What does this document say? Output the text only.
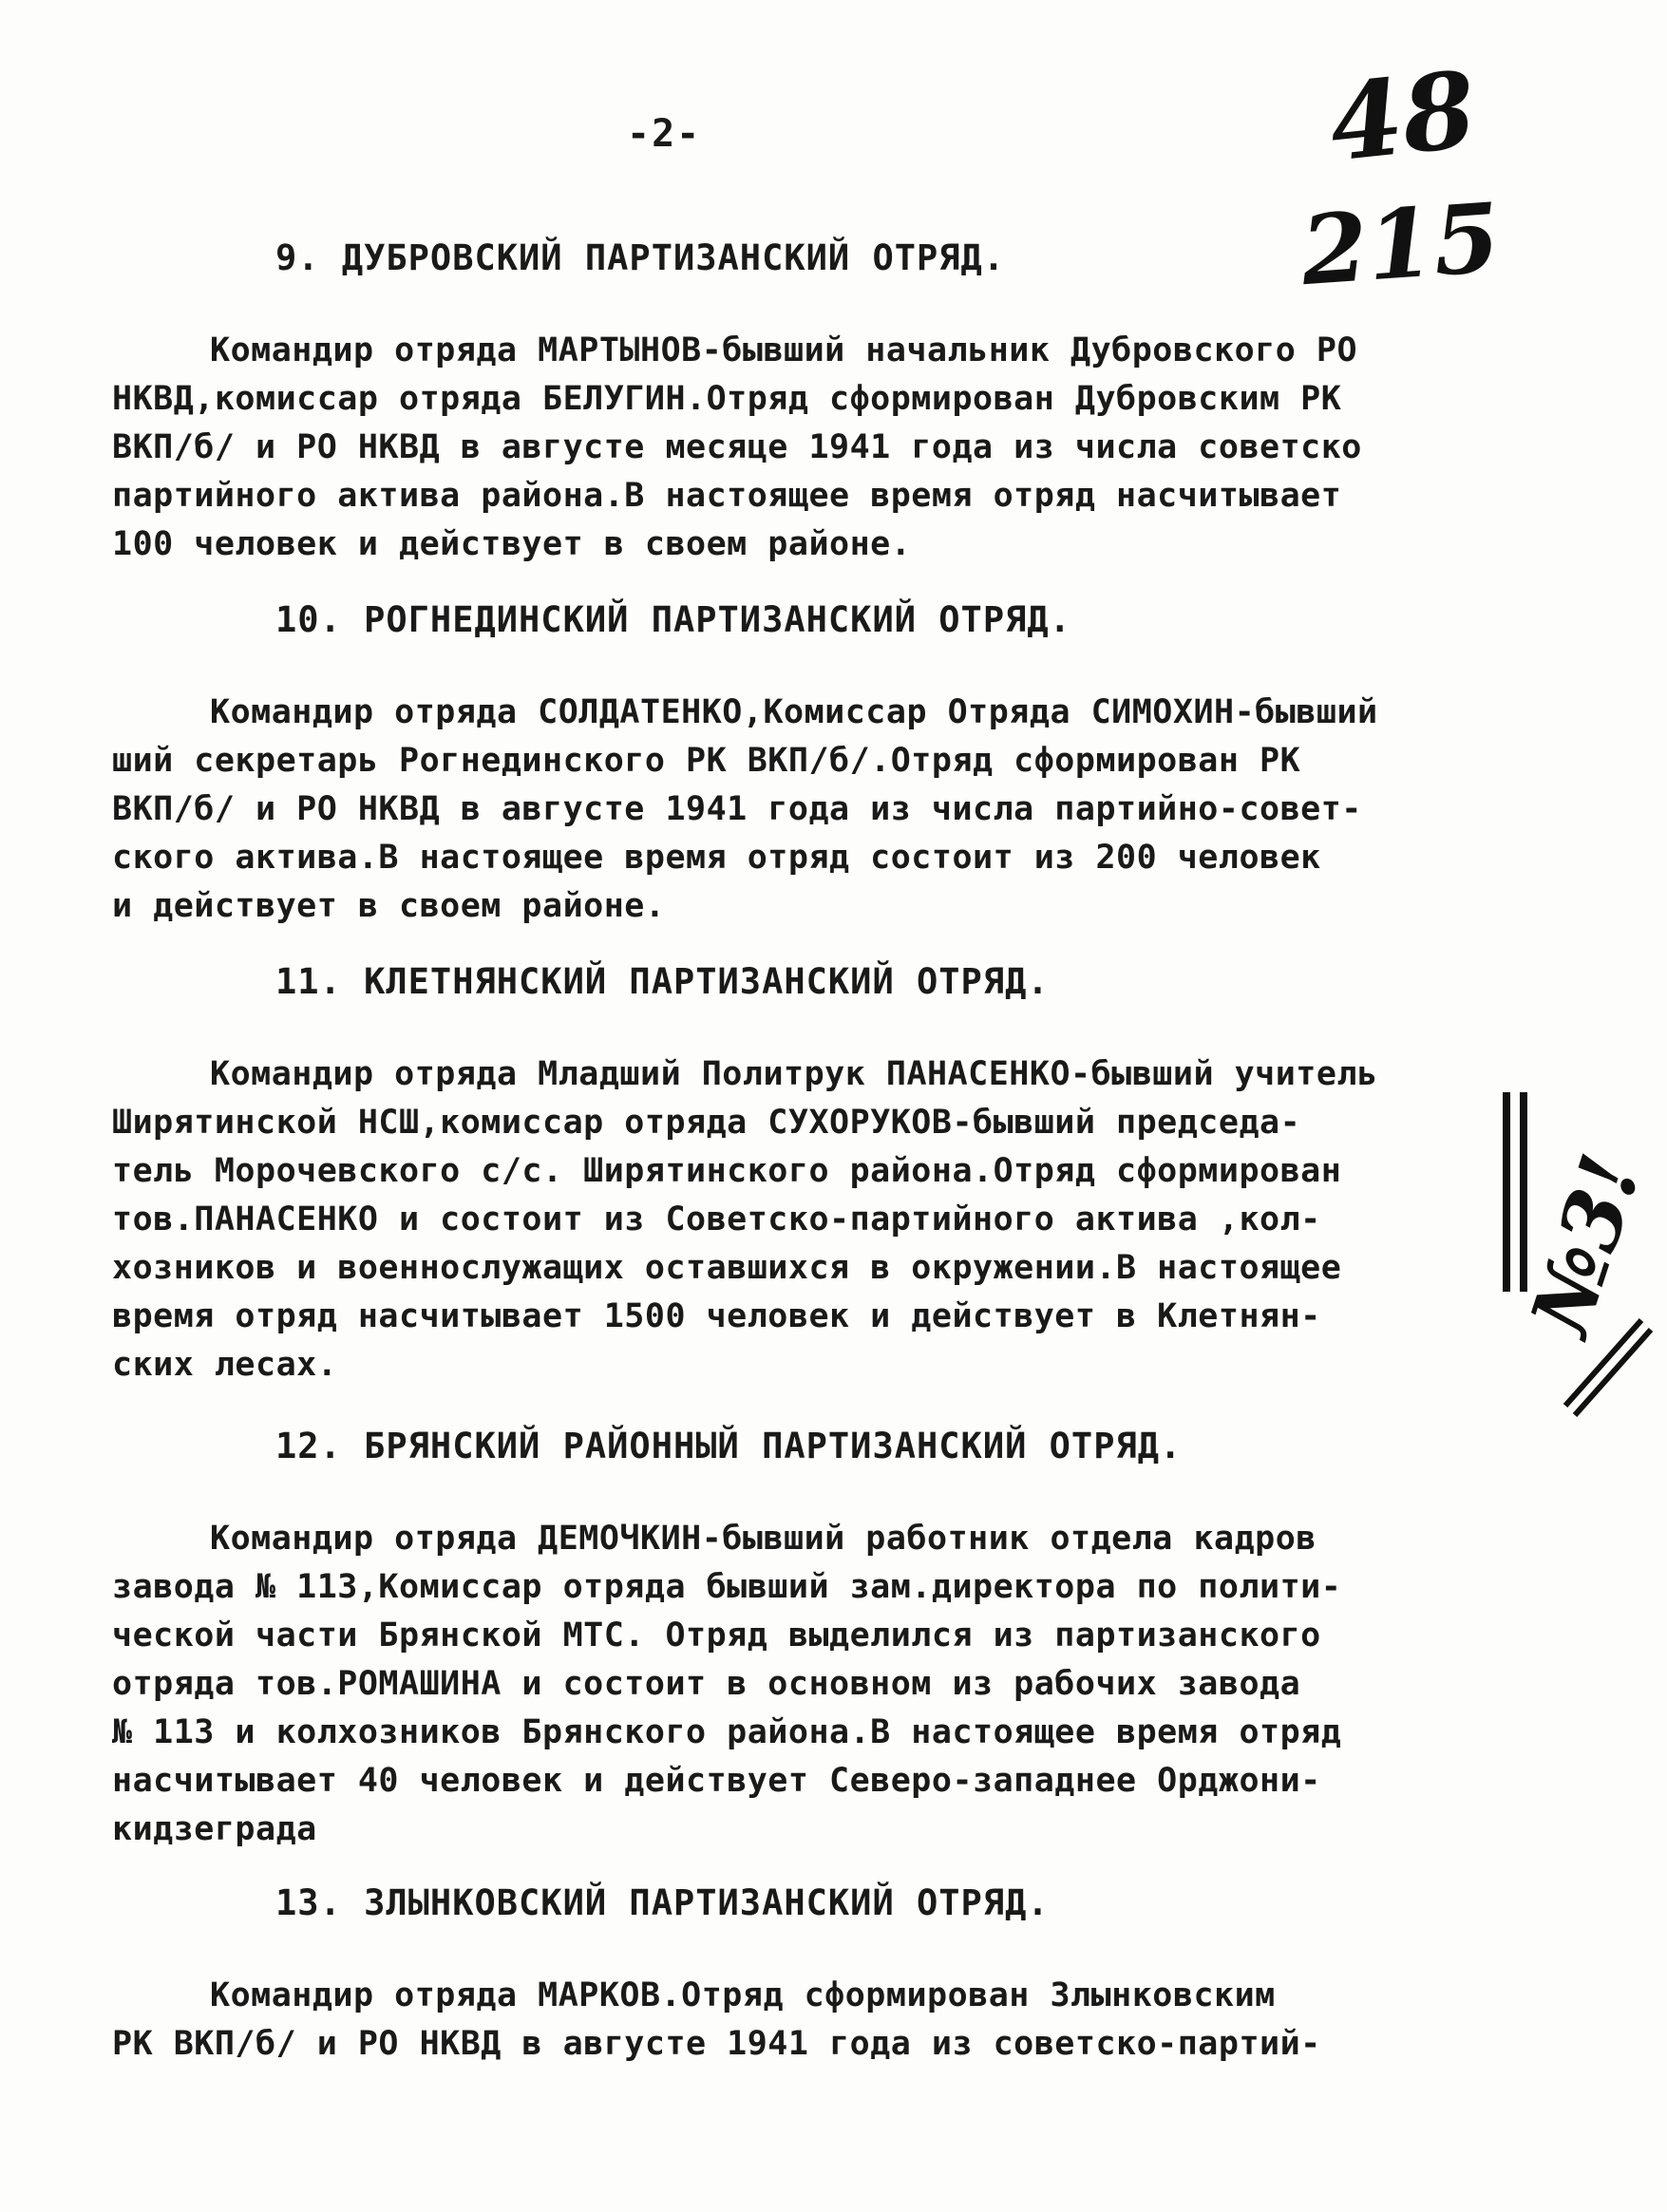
-2-	48
215
№3!
9. ДУБРОВСКИЙ ПАРТИЗАНСКИЙ ОТРЯД.
Командир отряда МАРТЫНОВ-бывший начальник Дубровского РО
НКВД,комиссар отряда БЕЛУГИН.Отряд сформирован Дубровским РК
ВКП/б/ и РО НКВД в августе месяце 1941 года из числа советско
партийного актива района.В настоящее время отряд насчитывает
100 человек и действует в своем районе.
10. РОГНЕДИНСКИЙ ПАРТИЗАНСКИЙ ОТРЯД.
Командир отряда СОЛДАТЕНКО,Комиссар Отряда СИМОХИН-бывший
ший секретарь Рогнединского РК ВКП/б/.Отряд сформирован РК
ВКП/б/ и РО НКВД в августе 1941 года из числа партийно-совет-
ского актива.В настоящее время отряд состоит из 200 человек
и действует в своем районе.
11. КЛЕТНЯНСКИЙ ПАРТИЗАНСКИЙ ОТРЯД.
Командир отряда Младший Политрук ПАНАСЕНКО-бывший учитель
Ширятинской НСШ,комиссар отряда СУХОРУКОВ-бывший председа-
тель Морочевского с/с. Ширятинского района.Отряд сформирован
тов.ПАНАСЕНКО и состоит из Советско-партийного актива ,кол-
хозников и военнослужащих оставшихся в окружении.В настоящее
время отряд насчитывает 1500 человек и действует в Клетнян-
ских лесах.
12. БРЯНСКИЙ РАЙОННЫЙ ПАРТИЗАНСКИЙ ОТРЯД.
Командир отряда ДЕМОЧКИН-бывший работник отдела кадров
завода № 113,Комиссар отряда бывший зам.директора по полити-
ческой части Брянской МТС. Отряд выделился из партизанского
отряда тов.РОМАШИНА и состоит в основном из рабочих завода
№ 113 и колхозников Брянского района.В настоящее время отряд
насчитывает 40 человек и действует Северо-западнее Орджони-
кидзеграда
13. ЗЛЫНКОВСКИЙ ПАРТИЗАНСКИЙ ОТРЯД.
Командир отряда МАРКОВ.Отряд сформирован Злынковским
РК ВКП/б/ и РО НКВД в августе 1941 года из советско-партий-
